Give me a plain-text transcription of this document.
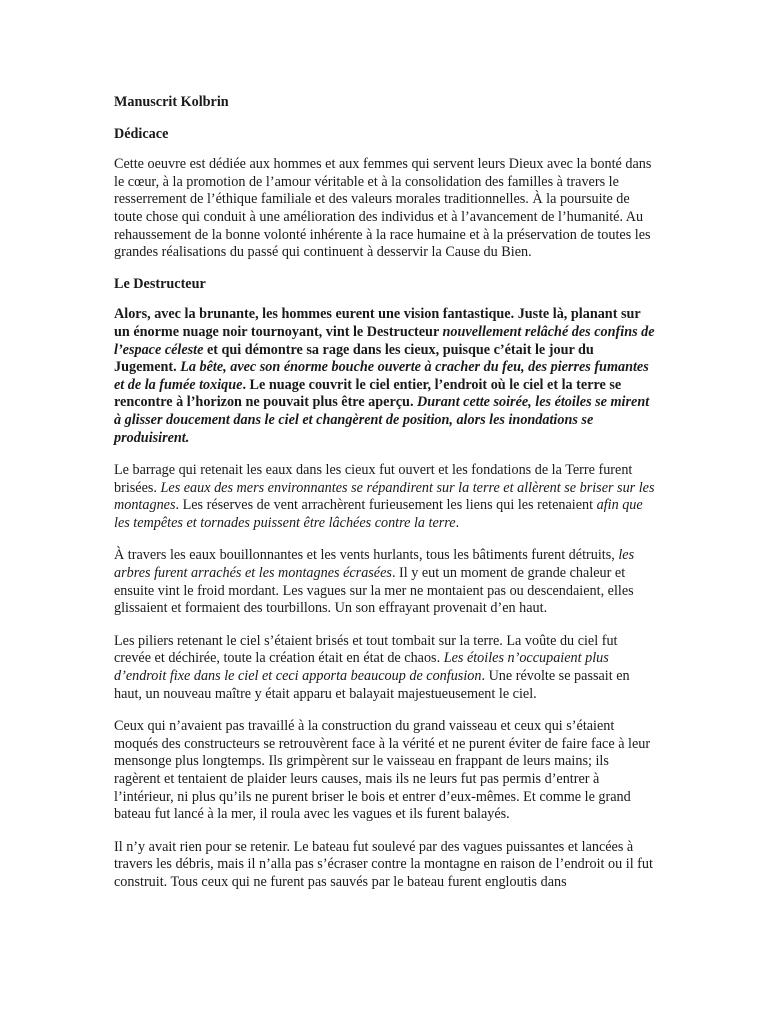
Manuscrit Kolbrin
Dédicace

Cette oeuvre est dédiée aux hommes et aux femmes qui servent leurs Dieux avec la bonté dans le cœur, à la promotion de l’amour véritable et à la consolidation des familles à travers le resserrement de l’éthique familiale et des valeurs morales traditionnelles. À la poursuite de toute chose qui conduit à une amélioration des individus et à l’avancement de l’humanité. Au rehaussement de la bonne volonté inhérente à la race humaine et à la préservation de toutes les grandes réalisations du passé qui continuent à desservir la Cause du Bien.

Le Destructeur

Alors, avec la brunante, les hommes eurent une vision fantastique. Juste là, planant sur un énorme nuage noir tournoyant, vint le Destructeur nouvellement relâché des confins de l’espace céleste et qui démontre sa rage dans les cieux, puisque c’était le jour du Jugement. La bête, avec son énorme bouche ouverte à cracher du feu, des pierres fumantes et de la fumée toxique. Le nuage couvrit le ciel entier, l’endroit où le ciel et la terre se rencontre à l’horizon ne pouvait plus être aperçu. Durant cette soirée, les étoiles se mirent à glisser doucement dans le ciel et changèrent de position, alors les inondations se produisirent.

Le barrage qui retenait les eaux dans les cieux fut ouvert et les fondations de la Terre furent brisées. Les eaux des mers environnantes se répandirent sur la terre et allèrent se briser sur les montagnes. Les réserves de vent arrachèrent furieusement les liens qui les retenaient afin que les tempêtes et tornades puissent être lâchées contre la terre.

À travers les eaux bouillonnantes et les vents hurlants, tous les bâtiments furent détruits, les arbres furent arrachés et les montagnes écrasées. Il y eut un moment de grande chaleur et ensuite vint le froid mordant. Les vagues sur la mer ne montaient pas ou descendaient, elles glissaient et formaient des tourbillons. Un son effrayant provenait d’en haut.

Les piliers retenant le ciel s’étaient brisés et tout tombait sur la terre. La voûte du ciel fut crevée et déchirée, toute la création était en état de chaos. Les étoiles n’occupaient plus d’endroit fixe dans le ciel et ceci apporta beaucoup de confusion. Une révolte se passait en haut, un nouveau maître y était apparu et balayait majestueusement le ciel.

Ceux qui n’avaient pas travaillé à la construction du grand vaisseau et ceux qui s’étaient moqués des constructeurs se retrouvèrent face à la vérité et ne purent éviter de faire face à leur mensonge plus longtemps. Ils grimpèrent sur le vaisseau en frappant de leurs mains; ils ragèrent et tentaient de plaider leurs causes, mais ils ne leurs fut pas permis d’entrer à l’intérieur, ni plus qu’ils ne purent briser le bois et entrer d’eux-mêmes. Et comme le grand bateau fut lancé à la mer, il roula avec les vagues et ils furent balayés.

Il n’y avait rien pour se retenir. Le bateau fut soulevé par des vagues puissantes et lancées à travers les débris, mais il n’alla pas s’écraser contre la montagne en raison de l’endroit ou il fut construit. Tous ceux qui ne furent pas sauvés par le bateau furent engloutis dans
